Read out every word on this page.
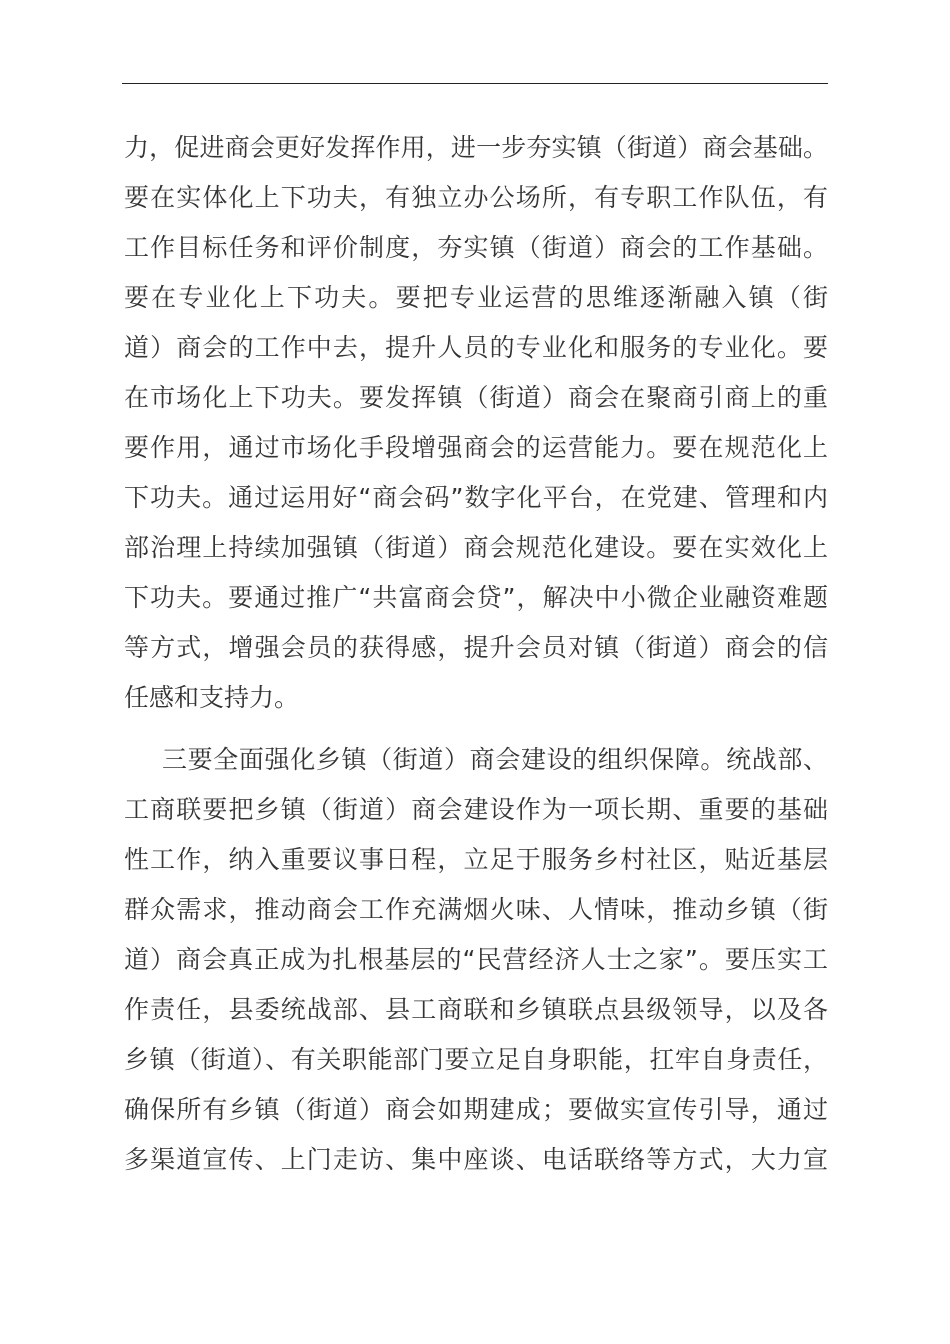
力，促进商会更好发挥作用，进一步夯实镇（街道）商会基础。
要在实体化上下功夫，有独立办公场所，有专职工作队伍，有
工作目标任务和评价制度，夯实镇（街道）商会的工作基础。
要在专业化上下功夫。要把专业运营的思维逐渐融入镇（街
道）商会的工作中去，提升人员的专业化和服务的专业化。要
在市场化上下功夫。要发挥镇（街道）商会在聚商引商上的重
要作用，通过市场化手段增强商会的运营能力。要在规范化上
下功夫。通过运用好“商会码”数字化平台，在党建、管理和内
部治理上持续加强镇（街道）商会规范化建设。要在实效化上
下功夫。要通过推广“共富商会贷”，解决中小微企业融资难题
等方式，增强会员的获得感，提升会员对镇（街道）商会的信
任感和支持力。
三要全面强化乡镇（街道）商会建设的组织保障。统战部、
工商联要把乡镇（街道）商会建设作为一项长期、重要的基础
性工作，纳入重要议事日程，立足于服务乡村社区，贴近基层
群众需求，推动商会工作充满烟火味、人情味，推动乡镇（街
道）商会真正成为扎根基层的“民营经济人士之家”。要压实工
作责任，县委统战部、县工商联和乡镇联点县级领导，以及各
乡镇（街道）、有关职能部门要立足自身职能，扛牢自身责任，
确保所有乡镇（街道）商会如期建成；要做实宣传引导，通过
多渠道宣传、上门走访、集中座谈、电话联络等方式，大力宣
